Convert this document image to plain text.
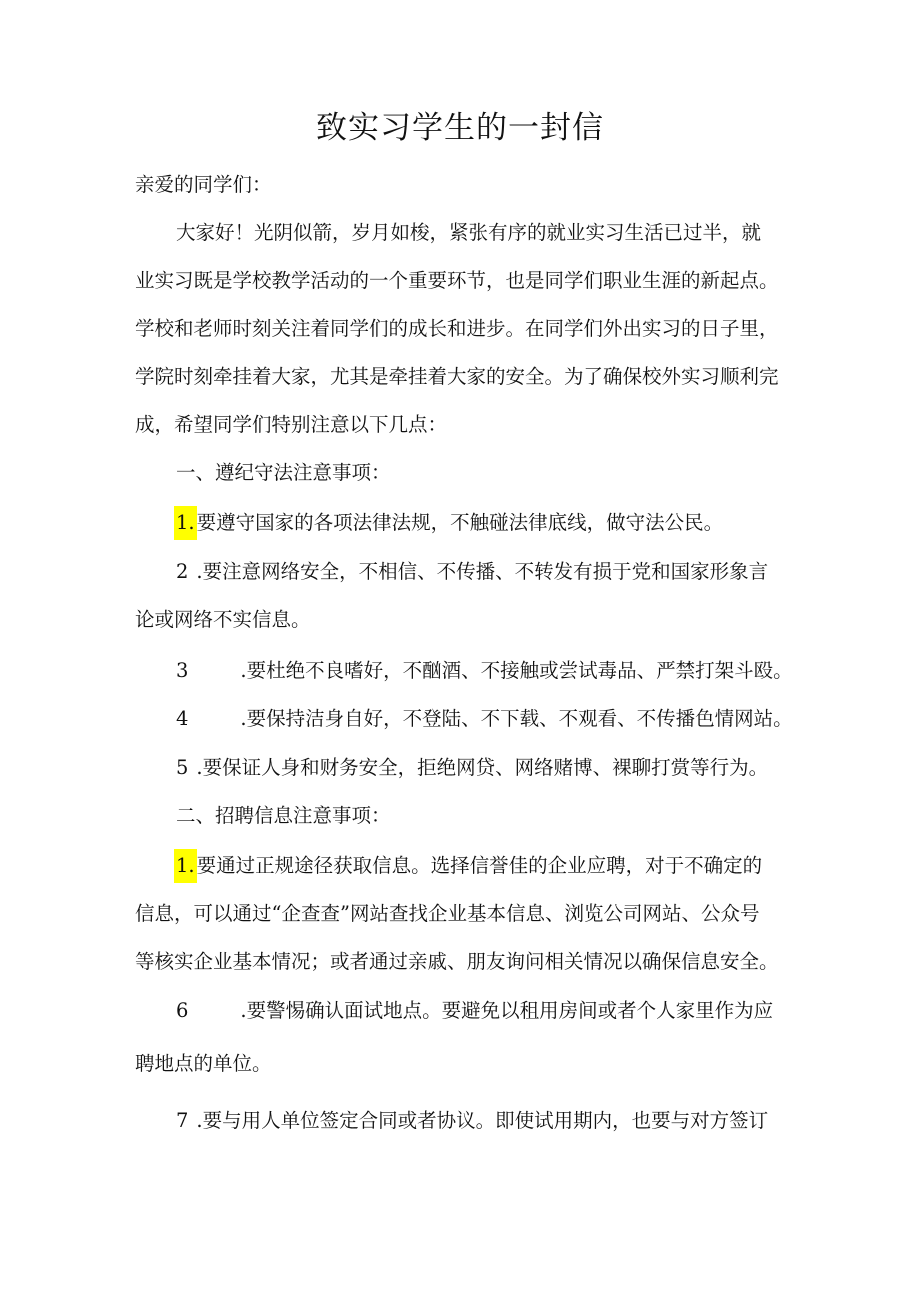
致实习学生的一封信
亲爱的同学们：
大家好！光阴似箭，岁月如梭，紧张有序的就业实习生活已过半，就
业实习既是学校教学活动的一个重要环节，也是同学们职业生涯的新起点。
学校和老师时刻关注着同学们的成长和进步。在同学们外出实习的日子里，
学院时刻牵挂着大家，尤其是牵挂着大家的安全。为了确保校外实习顺利完
成，希望同学们特别注意以下几点：
一、遵纪守法注意事项：
1. 要遵守国家的各项法律法规，不触碰法律底线，做守法公民。
2 .要注意网络安全，不相信、不传播、不转发有损于党和国家形象言
论或网络不实信息。
3	.要杜绝不良嗜好，不酗酒、不接触或尝试毒品、严禁打架斗殴。
4	.要保持洁身自好，不登陆、不下载、不观看、不传播色情网站。
5 .要保证人身和财务安全，拒绝网贷、网络赌博、裸聊打赏等行为。
二、招聘信息注意事项：
1. 要通过正规途径获取信息。选择信誉佳的企业应聘，对于不确定的
信息，可以通过“企查查”网站查找企业基本信息、浏览公司网站、公众号
等核实企业基本情况；或者通过亲戚、朋友询问相关情况以确保信息安全。
6	.要警惕确认面试地点。要避免以租用房间或者个人家里作为应
聘地点的单位。
7 .要与用人单位签定合同或者协议。即使试用期内，也要与对方签订
